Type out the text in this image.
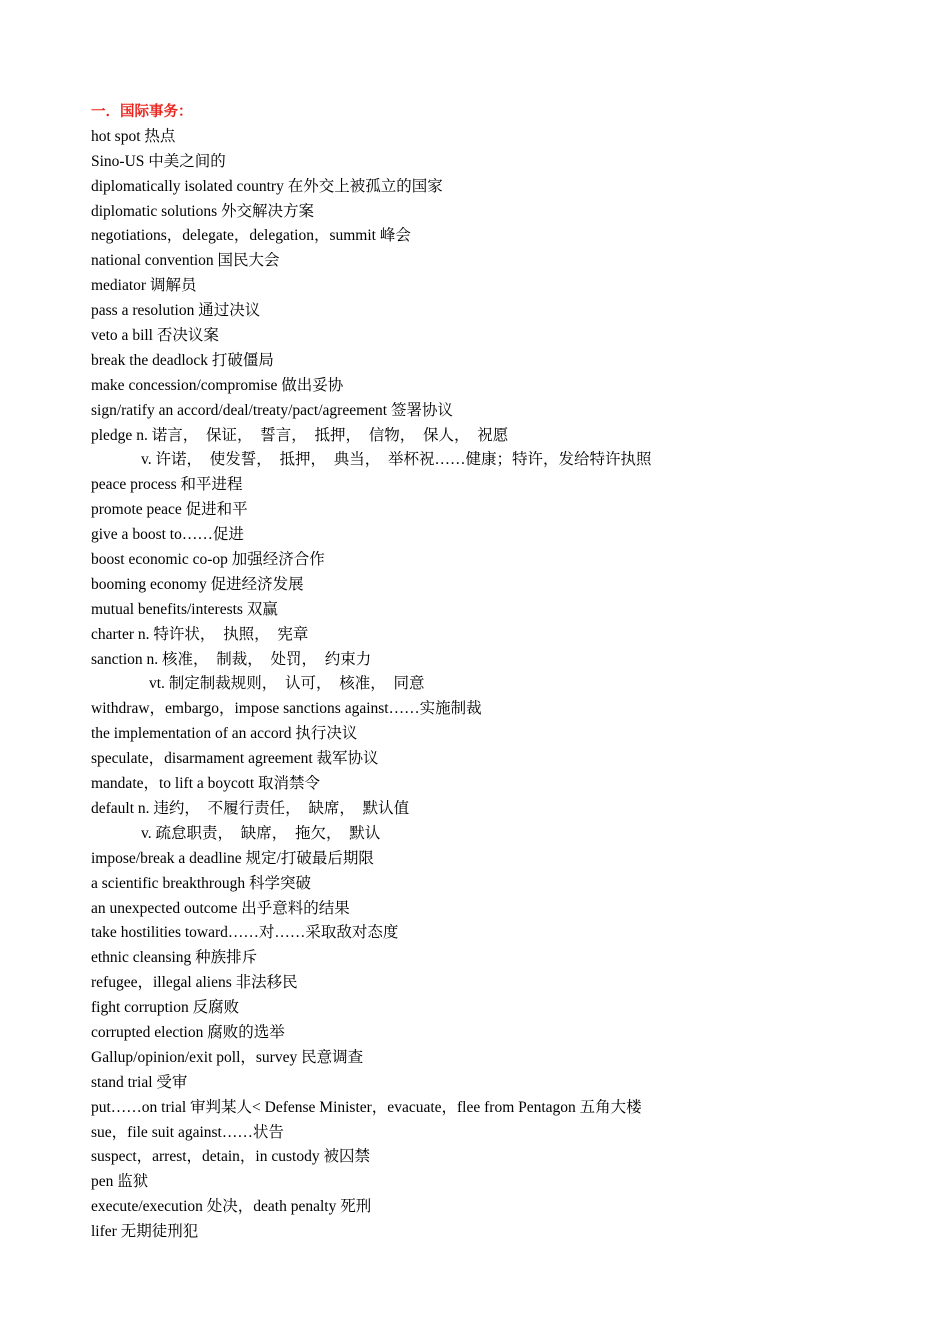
一．国际事务：
hot spot 热点
Sino-US 中美之间的
diplomatically isolated country 在外交上被孤立的国家
diplomatic solutions 外交解决方案
negotiations，delegate，delegation，summit 峰会
national convention 国民大会
mediator 调解员
pass a resolution 通过决议
veto a bill 否决议案
break the deadlock 打破僵局
make concession/compromise 做出妥协
sign/ratify an accord/deal/treaty/pact/agreement 签署协议
pledge n. 诺言，  保证，  誓言，  抵押，  信物，  保人，  祝愿
v. 许诺，  使发誓，  抵押，  典当，  举杯祝……健康；特许，发给特许执照
peace process 和平进程
promote peace 促进和平
give a boost to……促进
boost economic co-op 加强经济合作
booming economy 促进经济发展
mutual benefits/interests 双赢
charter n. 特许状，  执照，  宪章
sanction n. 核准，  制裁，  处罚，  约束力
vt. 制定制裁规则，  认可，  核准，  同意
withdraw，embargo，impose sanctions against……实施制裁
the implementation of an accord 执行决议
speculate，disarmament agreement 裁军协议
mandate，to lift a boycott 取消禁令
default n. 违约，  不履行责任，  缺席，  默认值
v. 疏怠职责，  缺席，  拖欠，  默认
impose/break a deadline 规定/打破最后期限
a scientific breakthrough 科学突破
an unexpected outcome 出乎意料的结果
take hostilities toward……对……采取敌对态度
ethnic cleansing 种族排斥
refugee，illegal aliens 非法移民
fight corruption 反腐败
corrupted election 腐败的选举
Gallup/opinion/exit poll，survey 民意调查
stand trial 受审
put……on trial 审判某人< Defense Minister，evacuate，flee from Pentagon 五角大楼
sue，file suit against……状告
suspect，arrest，detain，in custody 被囚禁
pen 监狱
execute/execution 处决，death penalty 死刑
lifer 无期徒刑犯
